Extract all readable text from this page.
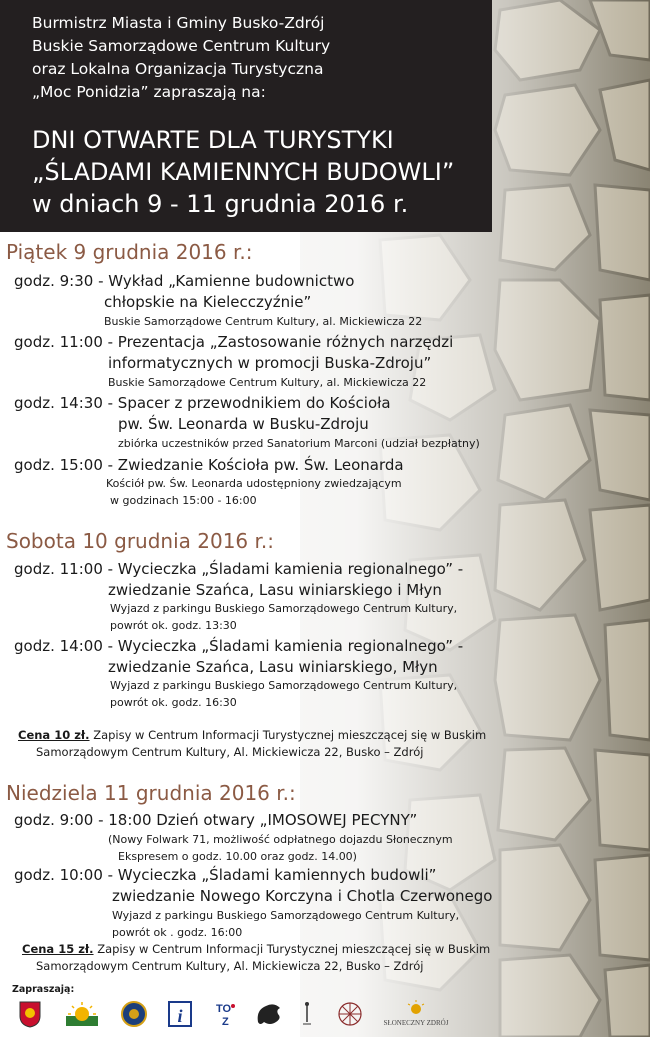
Burmistrz Miasta i Gminy Busko-Zdrój
Buskie Samorządowe Centrum Kultury
oraz Lokalna Organizacja Turystyczna
„Moc Ponidzia” zapraszają na:
DNI OTWARTE DLA TURYSTYKI
„ŚLADAMI KAMIENNYCH BUDOWLI”
w dniach 9 - 11 grudnia 2016 r.
Piątek 9 grudnia 2016 r.:
godz. 9:30 - Wykład „Kamienne budownictwo
chłopskie na Kielecczyźnie”
Buskie Samorządowe Centrum Kultury, al. Mickiewicza 22
godz. 11:00 - Prezentacja „Zastosowanie różnych narzędzi
informatycznych w promocji Buska-Zdroju”
Buskie Samorządowe Centrum Kultury, al. Mickiewicza 22
godz. 14:30 - Spacer z przewodnikiem do Kościoła
pw. Św. Leonarda w Busku-Zdroju
zbiórka uczestników przed Sanatorium Marconi (udział bezpłatny)
godz. 15:00 - Zwiedzanie Kościoła pw. Św. Leonarda
Kościół pw. Św. Leonarda udostępniony zwiedzającym
w godzinach 15:00 - 16:00
Sobota 10 grudnia 2016 r.:
godz. 11:00 - Wycieczka „Śladami kamienia regionalnego” -
zwiedzanie Szańca, Lasu winiarskiego i Młyn
Wyjazd z parkingu Buskiego Samorządowego Centrum Kultury,
powrót ok. godz. 13:30
godz. 14:00 - Wycieczka „Śladami kamienia regionalnego” -
zwiedzanie Szańca, Lasu winiarskiego, Młyn
Wyjazd z parkingu Buskiego Samorządowego Centrum Kultury,
powrót ok. godz. 16:30
Cena 10 zł. Zapisy w Centrum Informacji Turystycznej mieszczącej się w Buskim
Samorządowym Centrum Kultury, Al. Mickiewicza 22, Busko – Zdrój
Niedziela 11 grudnia 2016 r.:
godz. 9:00 - 18:00 Dzień otwary „IMOSOWEJ PECYNY”
(Nowy Folwark 71, możliwość odpłatnego dojazdu Słonecznym
Ekspresem o godz. 10.00 oraz godz. 14.00)
godz. 10:00 - Wycieczka „Śladami kamiennych budowli”
zwiedzanie Nowego Korczyna i Chotla Czerwonego
Wyjazd z parkingu Buskiego Samorządowego Centrum Kultury,
powrót ok . godz. 16:00
Cena 15 zł. Zapisy w Centrum Informacji Turystycznej mieszczącej się w Buskim
Samorządowym Centrum Kultury, Al. Mickiewicza 22, Busko – Zdrój
Zapraszają:
i	TO
Z	SŁONECZNY ZDRÓJ
